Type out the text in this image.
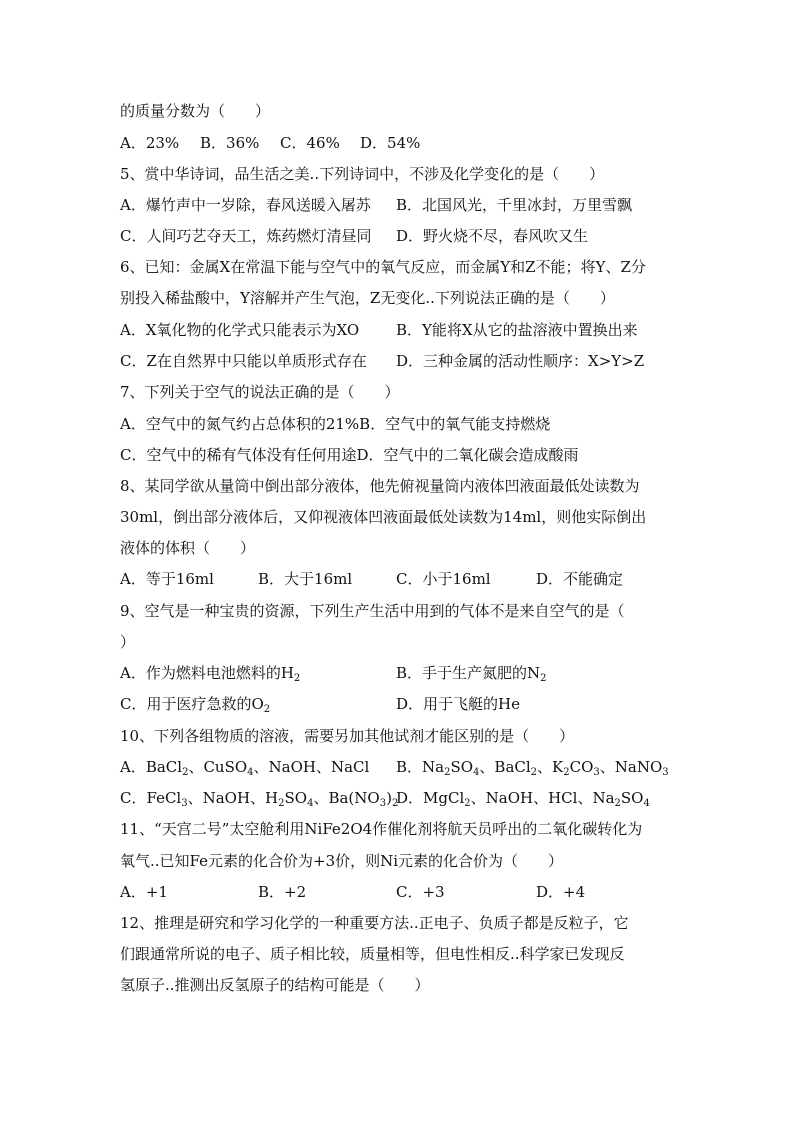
的质量分数为（　　）
A．23% B．36% C．46% D．54%
5、赏中华诗词，品生活之美..下列诗词中，不涉及化学变化的是（　　）
A．爆竹声中一岁除，春风送暖入屠苏 B．北国风光，千里冰封，万里雪飘
C．人间巧艺夺天工，炼药燃灯清昼同 D．野火烧不尽，春风吹又生
6、已知：金属X在常温下能与空气中的氧气反应，而金属Y和Z不能；将Y、Z分
别投入稀盐酸中，Y溶解并产生气泡，Z无变化..下列说法正确的是（　　）
A．X氧化物的化学式只能表示为XO B．Y能将X从它的盐溶液中置换出来
C．Z在自然界中只能以单质形式存在 D．三种金属的活动性顺序：X>Y>Z
7、下列关于空气的说法正确的是（　　）
A．空气中的氮气约占总体积的21%B．空气中的氧气能支持燃烧
C．空气中的稀有气体没有任何用途D．空气中的二氧化碳会造成酸雨
8、某同学欲从量筒中倒出部分液体，他先俯视量筒内液体凹液面最低处读数为
30ml，倒出部分液体后，又仰视液体凹液面最低处读数为14ml，则他实际倒出
液体的体积（　　）
A．等于16ml	B．大于16ml	C．小于16ml	D．不能确定
9、空气是一种宝贵的资源，下列生产生活中用到的气体不是来自空气的是（
）
A．作为燃料电池燃料的$H_2$	B．手于生产氮肥的$N_2$
C．用于医疗急救的$O_2$	D．用于飞艇的He
10、下列各组物质的溶液，需要另加其他试剂才能区别的是（　　）
A．BaCl$_2$、CuSO$_4$、NaOH、NaCl B．$Na_2SO_4$、BaCl$_2$、$K_2CO_3$、NaNO$_3$
C．FeCl$_3$、NaOH、$H_2SO_4$、$Ba(NO_3)_2D$．MgCl$_2$、NaOH、HCl、$Na_2SO_4$
11、“天宫二号”太空舱利用NiFe2O4作催化剂将航天员呼出的二氧化碳转化为
氧气..已知Fe元素的化合价为+3价，则Ni元素的化合价为（　　）
A．+1	B．+2	C．+3	D．+4
12、推理是研究和学习化学的一种重要方法..正电子、负质子都是反粒子，它
们跟通常所说的电子、质子相比较，质量相等，但电性相反..科学家已发现反
氢原子..推测出反氢原子的结构可能是（　　）
